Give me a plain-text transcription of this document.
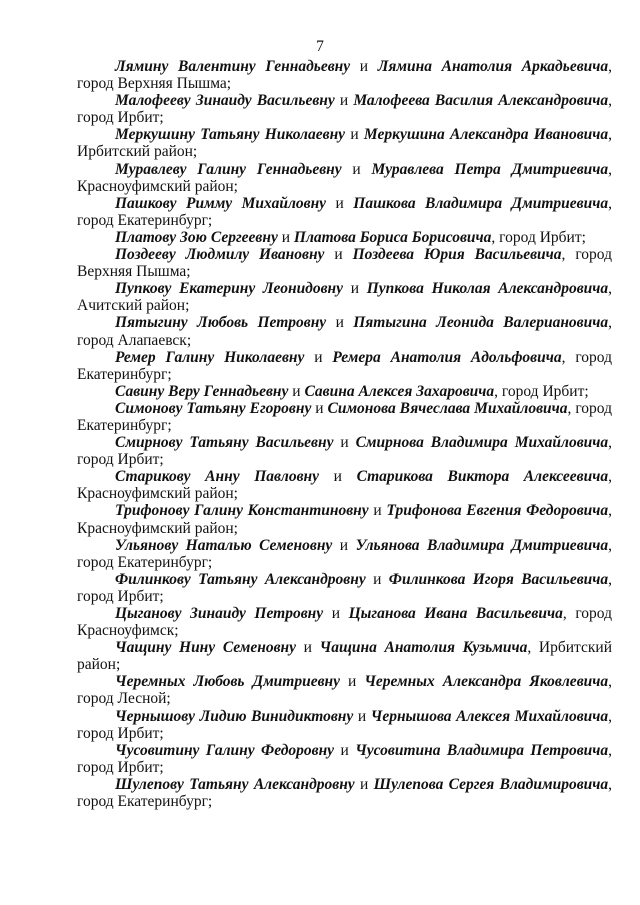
7

Лямину Валентину Геннадьевну и Лямина Анатолия Аркадьевича, город Верхняя Пышма;

Малофееву Зинаиду Васильевну и Малофеева Василия Александровича, город Ирбит;

Меркушину Татьяну Николаевну и Меркушина Александра Ивановича, Ирбитский район;

Муравлеву Галину Геннадьевну и Муравлева Петра Дмитриевича, Красноуфимский район;

Пашкову Римму Михайловну и Пашкова Владимира Дмитриевича, город Екатеринбург;

Платову Зою Сергеевну и Платова Бориса Борисовича, город Ирбит;

Поздееву Людмилу Ивановну и Поздеева Юрия Васильевича, город Верхняя Пышма;

Пупкову Екатерину Леонидовну и Пупкова Николая Александровича, Ачитский район;

Пятыгину Любовь Петровну и Пятыгина Леонида Валериановича, город Алапаевск;

Ремер Галину Николаевну и Ремера Анатолия Адольфовича, город Екатеринбург;

Савину Веру Геннадьевну и Савина Алексея Захаровича, город Ирбит;

Симонову Татьяну Егоровну и Симонова Вячеслава Михайловича, город Екатеринбург;

Смирнову Татьяну Васильевну и Смирнова Владимира Михайловича, город Ирбит;

Старикову Анну Павловну и Старикова Виктора Алексеевича, Красноуфимский район;

Трифонову Галину Константиновну и Трифонова Евгения Федоровича, Красноуфимский район;

Ульянову Наталью Семеновну и Ульянова Владимира Дмитриевича, город Екатеринбург;

Филинкову Татьяну Александровну и Филинкова Игоря Васильевича, город Ирбит;

Цыганову Зинаиду Петровну и Цыганова Ивана Васильевича, город Красноуфимск;

Чащину Нину Семеновну и Чащина Анатолия Кузьмича, Ирбитский район;

Черемных Любовь Дмитриевну и Черемных Александра Яковлевича, город Лесной;

Чернышову Лидию Винидиктовну и Чернышова Алексея Михайловича, город Ирбит;

Чусовитину Галину Федоровну и Чусовитина Владимира Петровича, город Ирбит;

Шулепову Татьяну Александровну и Шулепова Сергея Владимировича, город Екатеринбург;
